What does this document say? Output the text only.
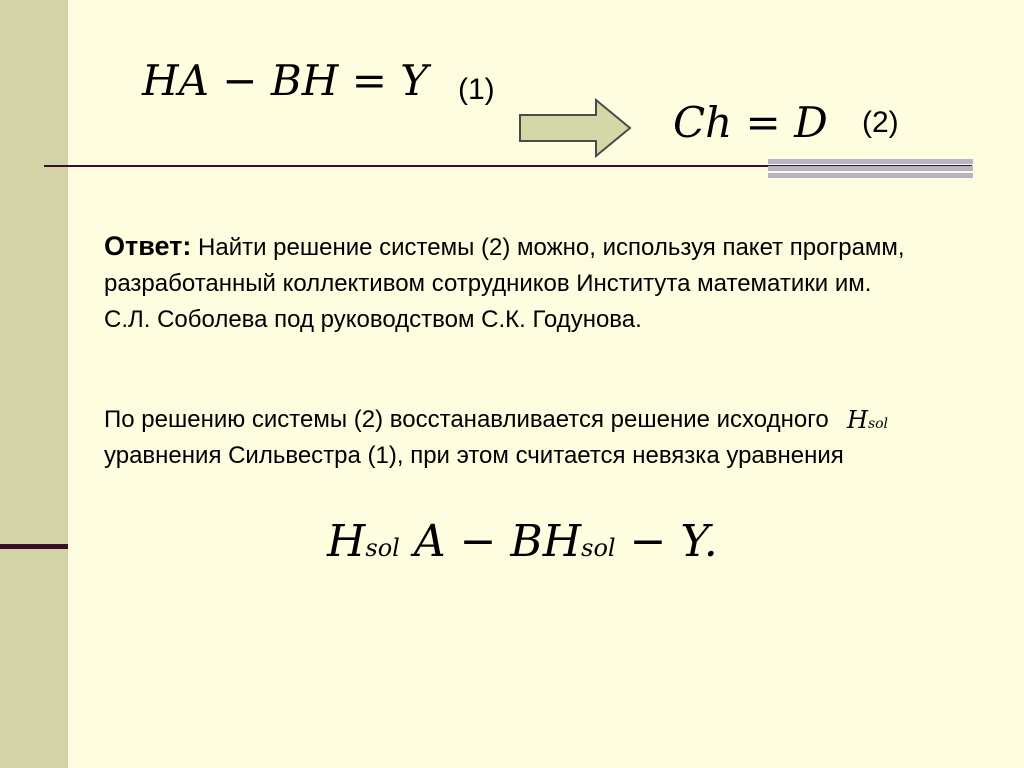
HA − BH = Y (1)
Ch = D (2)
Ответ: Найти решение системы (2) можно, используя пакет программ, разработанный коллективом сотрудников Института математики им. С.Л. Соболева под руководством С.К. Годунова.
По решению системы (2) восстанавливается решение исходного уравнения Сильвестра (1), при этом считается невязка уравнения
Hsol
Hsol A − BHsol − Y.
